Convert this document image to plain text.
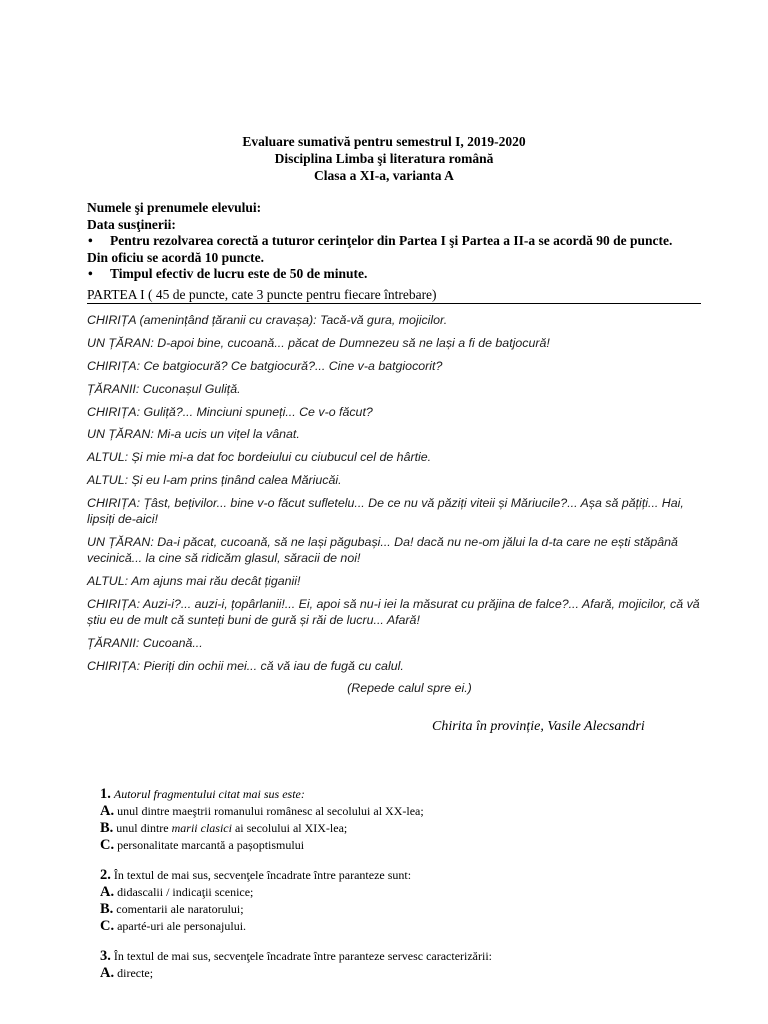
Evaluare sumativă pentru semestrul I, 2019-2020
Disciplina Limba şi literatura română
Clasa a XI-a, varianta A
Numele şi prenumele elevului:
Data susţinerii:
•	Pentru rezolvarea corectă a tuturor cerinţelor din Partea I şi Partea a II-a se acordă 90 de puncte.
Din oficiu se acordă 10 puncte.
•	Timpul efectiv de lucru este de 50 de minute.
PARTEA I ( 45 de puncte, cate 3 puncte pentru fiecare întrebare)

CHIRIȚA (amenințând țăranii cu cravașa): Tacă-vă gura, mojicilor.

UN ȚĂRAN: D-apoi bine, cucoană... păcat de Dumnezeu să ne lași a fi de batjocură!

CHIRIȚA: Ce batgiocură? Ce batgiocură?... Cine v-a batgiocorit?

ȚĂRANII: Cuconașul Guliță.

CHIRIȚA: Guliță?... Minciuni spuneți... Ce v-o făcut?

UN ȚĂRAN: Mi-a ucis un vițel la vânat.

ALTUL: Și mie mi-a dat foc bordeiului cu ciubucul cel de hârtie.

ALTUL: Și eu l-am prins ținând calea Măriucăi.

CHIRIȚA: Țâst, bețivilor... bine v-o făcut sufletelu... De ce nu vă păziți viteii și Măriucile?... Așa să pățiți... Hai, lipsiți de-aici!

UN ȚĂRAN: Da-i păcat, cucoană, să ne lași păgubași... Da! dacă nu ne-om jălui la d-ta care ne ești stăpână vecinică... la cine să ridicăm glasul, săracii de noi!

ALTUL: Am ajuns mai rău decât țiganii!

CHIRIȚA: Auzi-i?... auzi-i, țopârlanii!... Ei, apoi să nu-i iei la măsurat cu prăjina de falce?... Afară, mojicilor, că vă știu eu de mult că sunteți buni de gură și răi de lucru... Afară!

ȚĂRANII: Cucoană...

CHIRIȚA: Pieriți din ochii mei... că vă iau de fugă cu calul.

(Repede calul spre ei.)

Chirita în provinție, Vasile Alecsandri
1. Autorul fragmentului citat mai sus este:
A. unul dintre maeştrii romanului românesc al secolului al XX-lea;
B. unul dintre marii clasici ai secolului al XIX-lea;
C. personalitate marcantă a pașoptismului
2. În textul de mai sus, secvenţele încadrate între paranteze sunt:
A. didascalii / indicaţii scenice;
B. comentarii ale naratorului;
C. aparté-uri ale personajului.
3. În textul de mai sus, secvenţele încadrate între paranteze servesc caracterizării:
A. directe;
